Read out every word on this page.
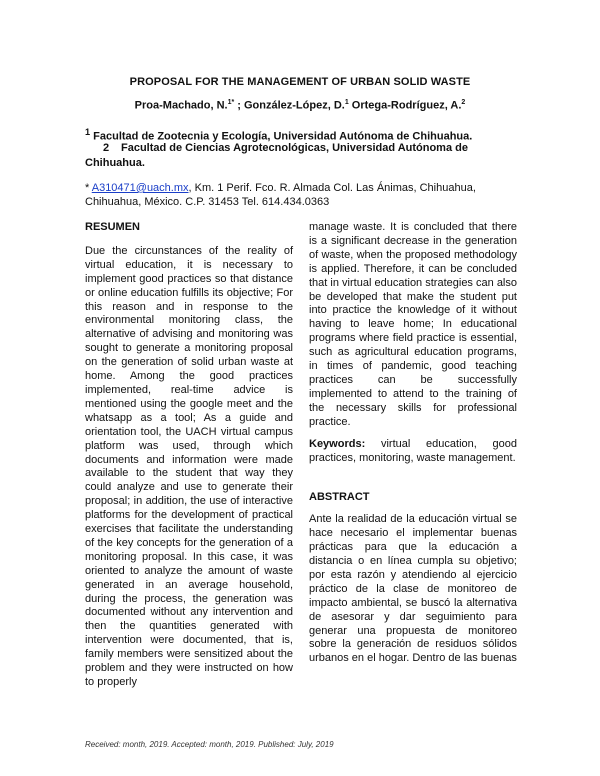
PROPOSAL FOR THE MANAGEMENT OF URBAN SOLID WASTE
Proa-Machado, N.$^{1*}$ ; González-López, D.$^1$ Ortega-Rodríguez, A.$^2$
$^1$ Facultad de Zootecnia y Ecología, Universidad Autónoma de Chihuahua.
2 Facultad de Ciencias Agrotecnológicas, Universidad Autónoma de Chihuahua.
* A310471@uach.mx, Km. 1 Perif. Fco. R. Almada Col. Las Ánimas, Chihuahua, Chihuahua, México. C.P. 31453 Tel. 614.434.0363
RESUMEN

Due the circunstances of the reality of virtual education, it is necessary to implement good practices so that distance or online education fulfills its objective; For this reason and in response to the environmental monitoring class, the alternative of advising and monitoring was sought to generate a monitoring proposal on the generation of solid urban waste at home. Among the good practices implemented, real-time advice is mentioned using the google meet and the whatsapp as a tool; As a guide and orientation tool, the UACH virtual campus platform was used, through which documents and information were made available to the student that way they could analyze and use to generate their proposal; in addition, the use of interactive platforms for the development of practical exercises that facilitate the understanding of the key concepts for the generation of a monitoring proposal. In this case, it was oriented to analyze the amount of waste generated in an average household, during the process, the generation was documented without any intervention and then the quantities generated with intervention were documented, that is, family members were sensitized about the problem and they were instructed on how to properly

manage waste. It is concluded that there is a significant decrease in the generation of waste, when the proposed methodology is applied. Therefore, it can be concluded that in virtual education strategies can also be developed that make the student put into practice the knowledge of it without having to leave home; In educational programs where field practice is essential, such as agricultural education programs, in times of pandemic, good teaching practices can be successfully implemented to attend to the training of the necessary skills for professional practice.

Keywords: virtual education, good practices, monitoring, waste management.

ABSTRACT

Ante la realidad de la educación virtual se hace necesario el implementar buenas prácticas para que la educación a distancia o en línea cumpla su objetivo; por esta razón y atendiendo al ejercicio práctico de la clase de monitoreo de impacto ambiental, se buscó la alternativa de asesorar y dar seguimiento para generar una propuesta de monitoreo sobre la generación de residuos sólidos urbanos en el hogar. Dentro de las buenas

Received: month, 2019. Accepted: month, 2019. Published: July, 2019
